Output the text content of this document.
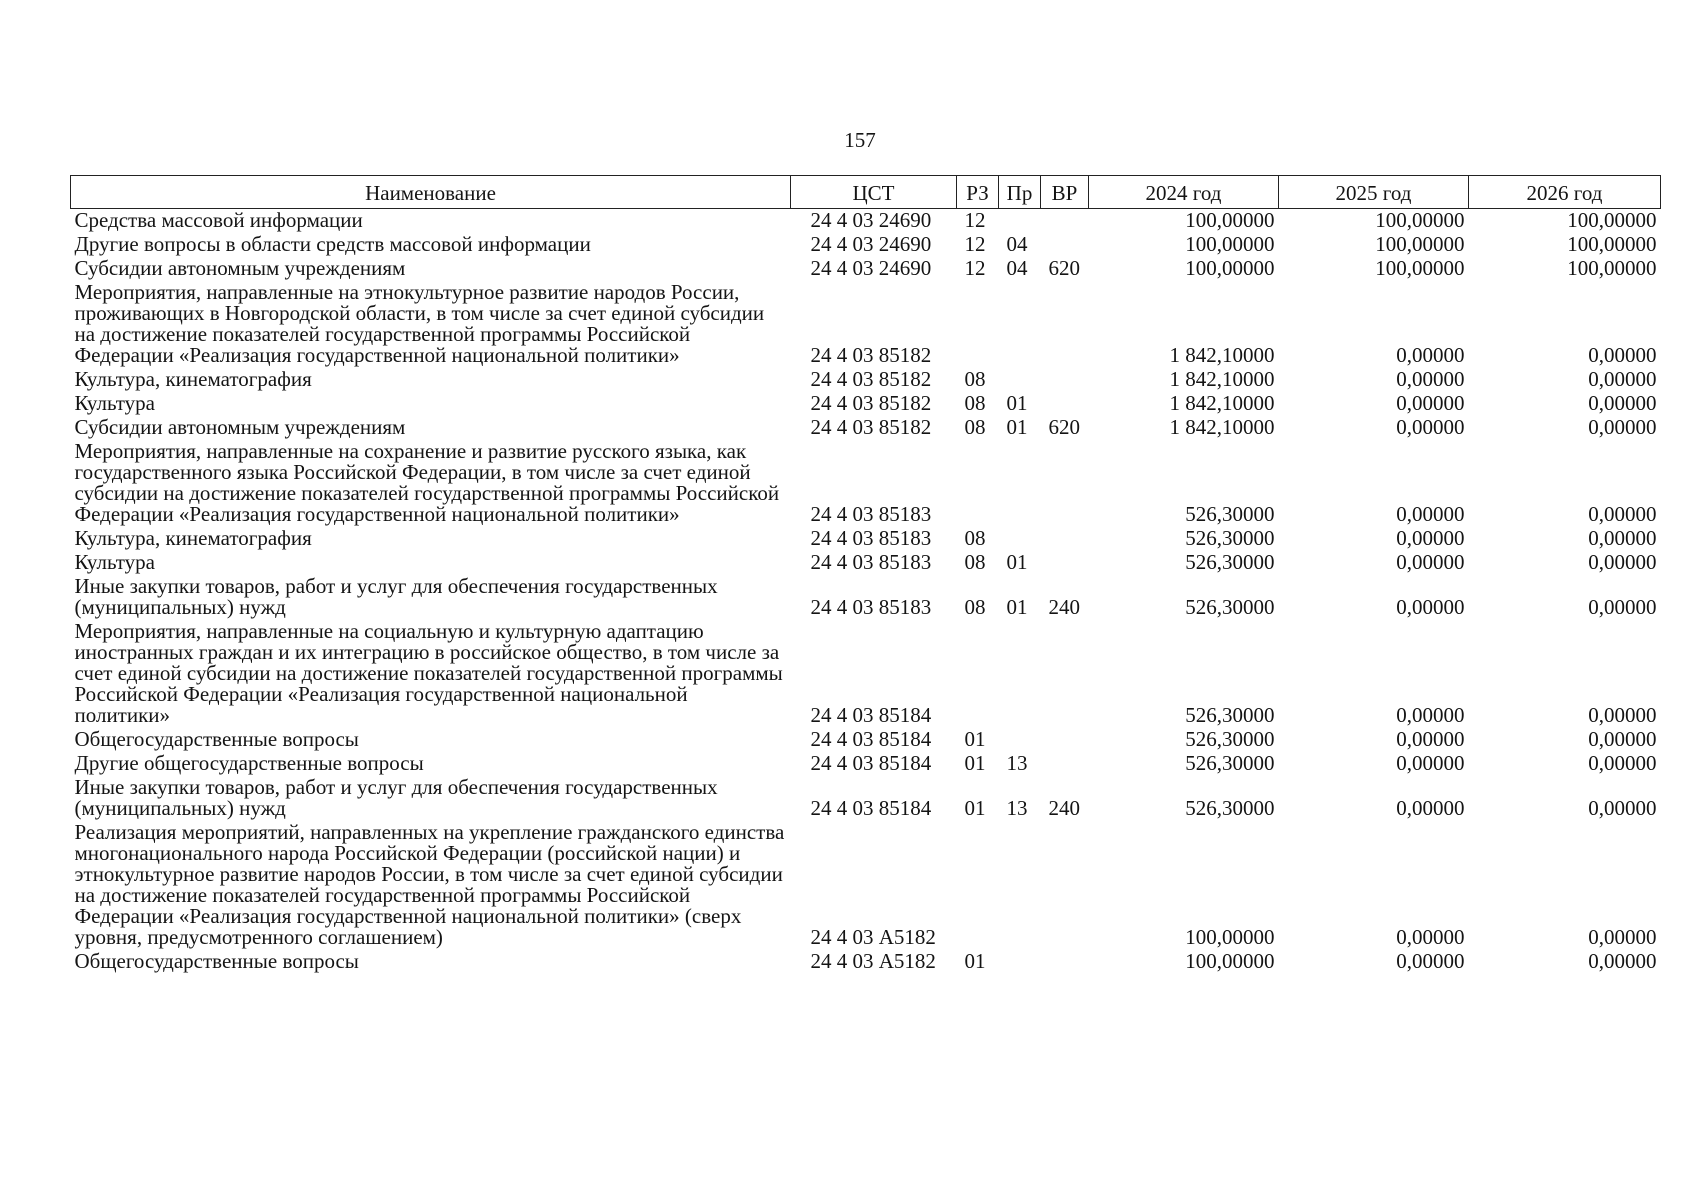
157
Наименование	ЦСТ	РЗ	Пр	ВР	2024 год	2025 год	2026 год
Средства массовой информации	24 4 03 24690	12			100,00000	100,00000	100,00000
Другие вопросы в области средств массовой информации	24 4 03 24690	12	04		100,00000	100,00000	100,00000
Субсидии автономным учреждениям	24 4 03 24690	12	04	620	100,00000	100,00000	100,00000
Мероприятия, направленные на этнокультурное развитие народов России, проживающих в Новгородской области, в том числе за счет единой субсидии на достижение показателей государственной программы Российской Федерации «Реализация государственной национальной политики»	24 4 03 85182				1 842,10000	0,00000	0,00000
Культура, кинематография	24 4 03 85182	08			1 842,10000	0,00000	0,00000
Культура	24 4 03 85182	08	01		1 842,10000	0,00000	0,00000
Субсидии автономным учреждениям	24 4 03 85182	08	01	620	1 842,10000	0,00000	0,00000
Мероприятия, направленные на сохранение и развитие русского языка, как государственного языка Российской Федерации, в том числе за счет единой субсидии на достижение показателей государственной программы Российской Федерации «Реализация государственной национальной политики»	24 4 03 85183				526,30000	0,00000	0,00000
Культура, кинематография	24 4 03 85183	08			526,30000	0,00000	0,00000
Культура	24 4 03 85183	08	01		526,30000	0,00000	0,00000
Иные закупки товаров, работ и услуг для обеспечения государственных (муниципальных) нужд	24 4 03 85183	08	01	240	526,30000	0,00000	0,00000
Мероприятия, направленные на социальную и культурную адаптацию иностранных граждан и их интеграцию в российское общество, в том числе за счет единой субсидии на достижение показателей государственной программы Российской Федерации «Реализация государственной национальной политики»	24 4 03 85184				526,30000	0,00000	0,00000
Общегосударственные вопросы	24 4 03 85184	01			526,30000	0,00000	0,00000
Другие общегосударственные вопросы	24 4 03 85184	01	13		526,30000	0,00000	0,00000
Иные закупки товаров, работ и услуг для обеспечения государственных (муниципальных) нужд	24 4 03 85184	01	13	240	526,30000	0,00000	0,00000
Реализация мероприятий, направленных на укрепление гражданского единства многонационального народа Российской Федерации (российской нации) и этнокультурное развитие народов России, в том числе за счет единой субсидии на достижение показателей государственной программы Российской Федерации «Реализация государственной национальной политики» (сверх уровня, предусмотренного соглашением)	24 4 03 А5182				100,00000	0,00000	0,00000
Общегосударственные вопросы	24 4 03 А5182	01			100,00000	0,00000	0,00000
